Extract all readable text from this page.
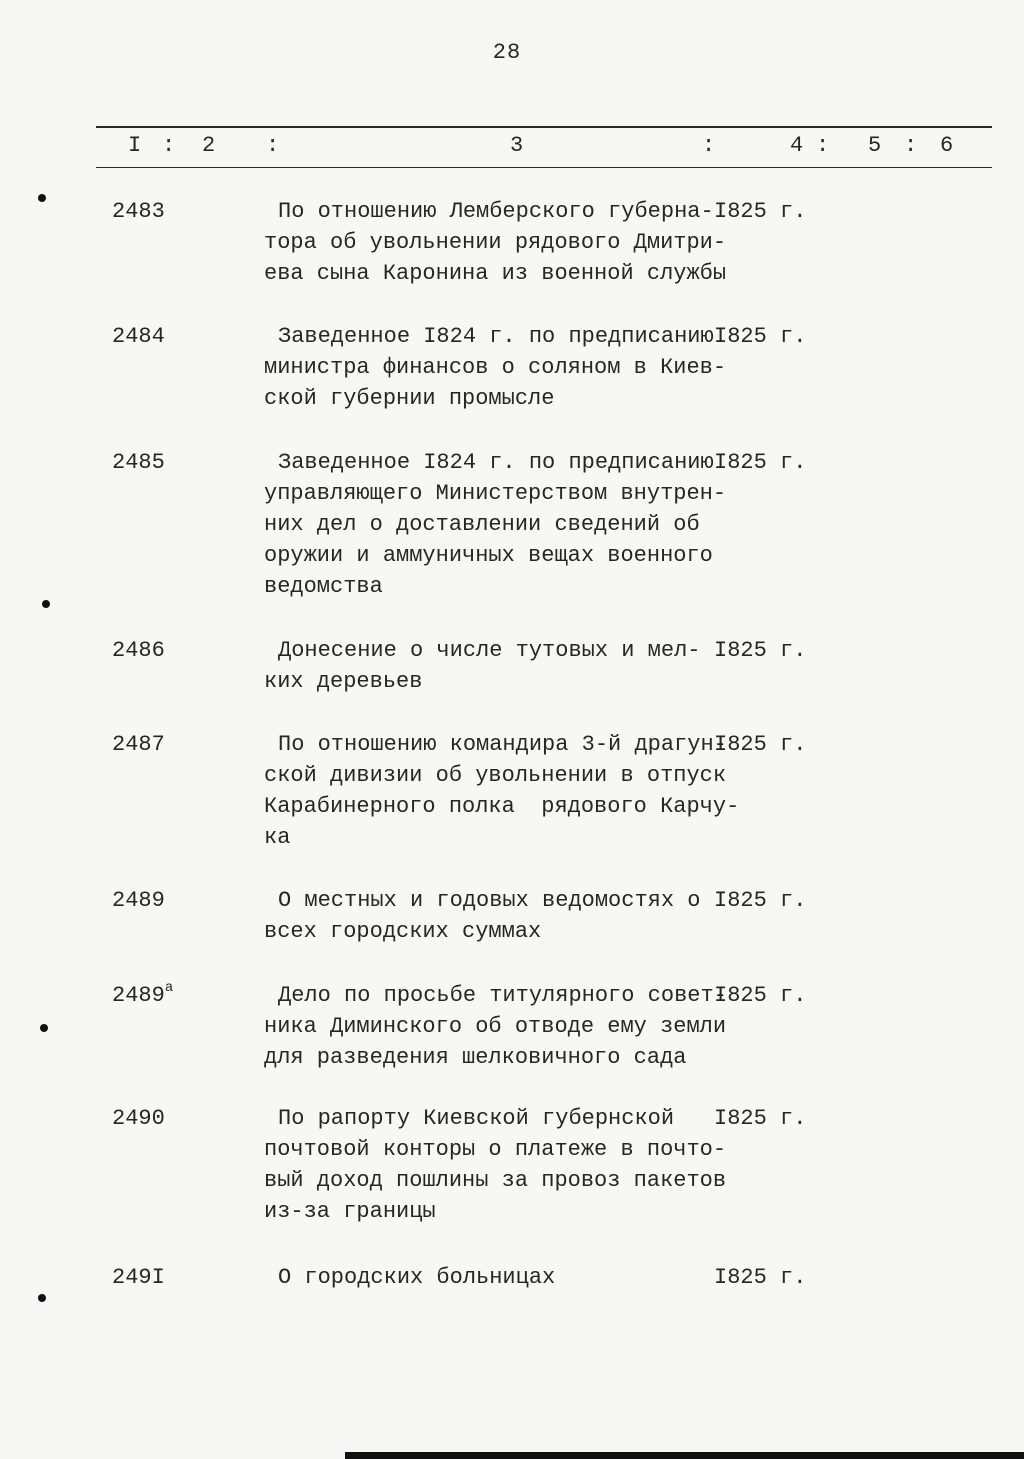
28
I : 2 :	3	:	4 : 5 : 6
2483	По отношению Лемберского губерна-
тора об увольнении рядового Дмитри-
ева сына Каронина из военной службы
I825 г.
2484	Заведенное I824 г. по предписанию
министра финансов о соляном в Киев-
ской губернии промысле
I825 г.
2485	Заведенное I824 г. по предписанию
управляющего Министерством внутрен-
них дел о доставлении сведений об
оружии и аммуничных вещах военного
ведомства
I825 г.
2486	Донесение о числе тутовых и мел-
ких деревьев
I825 г.
2487	По отношению командира 3-й драгун-
ской дивизии об увольнении в отпуск
Карабинерного полка  рядового Карчу-
ка
I825 г.
2489	О местных и годовых ведомостях о
всех городских суммах
I825 г.
$2489^а$	Дело по просьбе титулярного совет-
ника Диминского об отводе ему земли
для разведения шелковичного сада
I825 г.
2490	По рапорту Киевской губернской
почтовой конторы о платеже в почто-
вый доход пошлины за провоз пакетов
из-за границы
I825 г.
249I	О городских больницах	I825 г.
